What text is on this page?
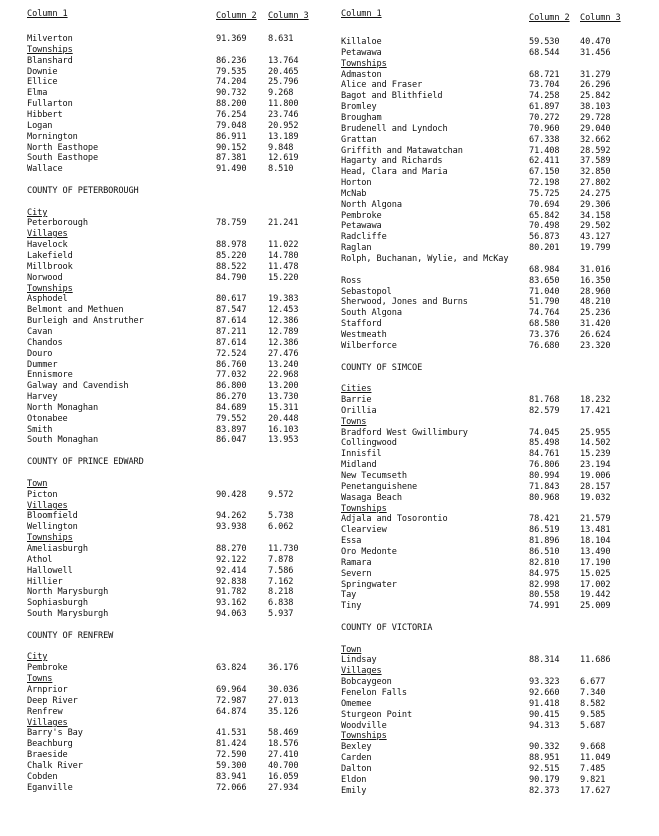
Column 1	Column 2 Column 3
Milverton	91.369	8.631
Townships
Blanshard	86.236	13.764
Downie	79.535	20.465
Ellice	74.204	25.796
Elma	90.732	9.268
Fullarton	88.200	11.800
Hibbert	76.254	23.746
Logan	79.048	20.952
Mornington	86.911	13.189
North Easthope	90.152	9.848
South Easthope	87.381	12.619
Wallace	91.490	8.510
COUNTY OF PETERBOROUGH
City
Peterborough	78.759	21.241
Villages
Havelock	88.978	11.022
Lakefield	85.220	14.780
Millbrook	88.522	11.478
Norwood	84.790	15.220
Townships
Asphodel	80.617	19.383
Belmont and Methuen	87.547	12.453
Burleigh and Anstruther	87.614	12.386
Cavan	87.211	12.789
Chandos	87.614	12.386
Douro	72.524	27.476
Dummer	86.760	13.240
Ennismore	77.032	22.968
Galway and Cavendish	86.800	13.200
Harvey	86.270	13.730
North Monaghan	84.689	15.311
Otonabee	79.552	20.448
Smith	83.897	16.103
South Monaghan	86.047	13.953
COUNTY OF PRINCE EDWARD
Town
Picton	90.428	9.572
Villages
Bloomfield	94.262	5.738
Wellington	93.938	6.062
Townships
Ameliasburgh	88.270	11.730
Athol	92.122	7.878
Hallowell	92.414	7.586
Hillier	92.838	7.162
North Marysburgh	91.782	8.218
Sophiasburgh	93.162	6.838
South Marysburgh	94.063	5.937
COUNTY OF RENFREW
City
Pembroke	63.824	36.176
Towns
Arnprior	69.964	30.036
Deep River	72.987	27.013
Renfrew	64.874	35.126
Villages
Barry's Bay	41.531	58.469
Beachburg	81.424	18.576
Braeside	72.590	27.410
Chalk River	59.300	40.700
Cobden	83.941	16.059
Eganville	72.066	27.934
Column 1	Column 2 Column 3
Killaloe	59.530 40.470
Petawawa	68.544 31.456
Townships
Admaston	68.721 31.279
Alice and Fraser	73.704 26.296
Bagot and Blithfield	74.258 25.842
Bromley	61.897 38.103
Brougham	70.272 29.728
Brudenell and Lyndoch	70.960 29.040
Grattan	67.338 32.662
Griffith and Matawatchan	71.408 28.592
Hagarty and Richards	62.411 37.589
Head, Clara and Maria	67.150 32.850
Horton	72.198 27.802
McNab	75.725 24.275
North Algona	70.694 29.306
Pembroke	65.842 34.158
Petawawa	70.498 29.502
Radcliffe	56.873 43.127
Raglan	80.201 19.799
Rolph, Buchanan, Wylie, and McKay
68.984 31.016
Ross	83.650 16.350
Sebastopol	71.040 28.960
Sherwood, Jones and Burns	51.790 48.210
South Algona	74.764 25.236
Stafford	68.580 31.420
Westmeath	73.376 26.624
Wilberforce	76.680 23.320
COUNTY OF SIMCOE
Cities
Barrie	81.768 18.232
Orillia	82.579 17.421
Towns
Bradford West Gwillimbury	74.045 25.955
Collingwood	85.498 14.502
Innisfil	84.761 15.239
Midland	76.806 23.194
New Tecumseth	80.994 19.006
Penetanguishene	71.843 28.157
Wasaga Beach	80.968 19.032
Townships
Adjala and Tosorontio	78.421 21.579
Clearview	86.519 13.481
Essa	81.896 18.104
Oro Medonte	86.510 13.490
Ramara	82.810 17.190
Severn	84.975 15.025
Springwater	82.998 17.002
Tay	80.558 19.442
Tiny	74.991 25.009
COUNTY OF VICTORIA
Town
Lindsay	88.314 11.686
Villages
Bobcaygeon	93.323 6.677
Fenelon Falls	92.660 7.340
Omemee	91.418 8.582
Sturgeon Point	90.415 9.585
Woodville	94.313 5.687
Townships
Bexley	90.332 9.668
Carden	88.951 11.049
Dalton	92.515 7.485
Eldon	90.179 9.821
Emily	82.373 17.627
